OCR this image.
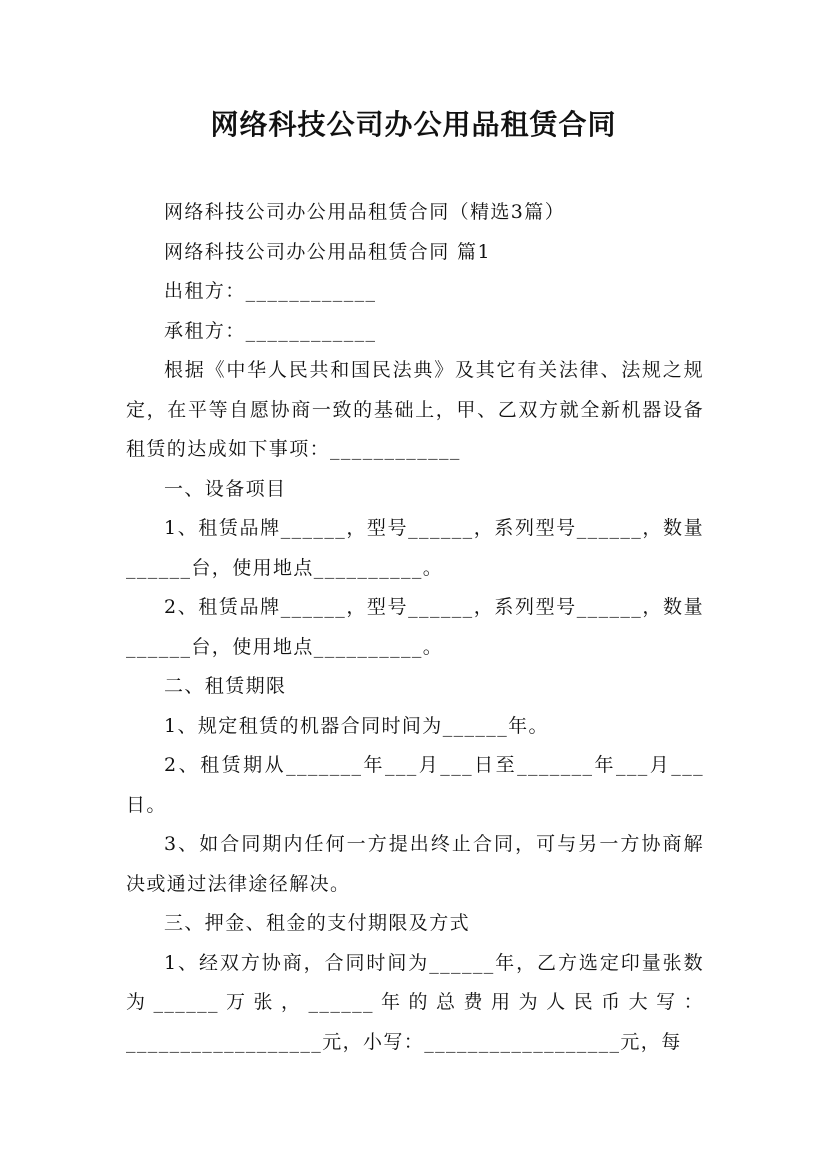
网络科技公司办公用品租赁合同

网络科技公司办公用品租赁合同（精选3篇）

网络科技公司办公用品租赁合同 篇1

出租方：____________

承租方：____________

根据《中华人民共和国民法典》及其它有关法律、法规之规定，在平等自愿协商一致的基础上，甲、乙双方就全新机器设备租赁的达成如下事项：____________

一、设备项目

1、租赁品牌______，型号______，系列型号______，数量______台，使用地点__________。

2、租赁品牌______，型号______，系列型号______，数量______台，使用地点__________。

二、租赁期限

1、规定租赁的机器合同时间为______年。

2、租赁期从_______年___月___日至_______年___月___日。

3、如合同期内任何一方提出终止合同，可与另一方协商解决或通过法律途径解决。

三、押金、租金的支付期限及方式

1、经双方协商，合同时间为______年，乙方选定印量张数为______万张，______年的总费用为人民币大写：__________________元，小写：__________________元，每
